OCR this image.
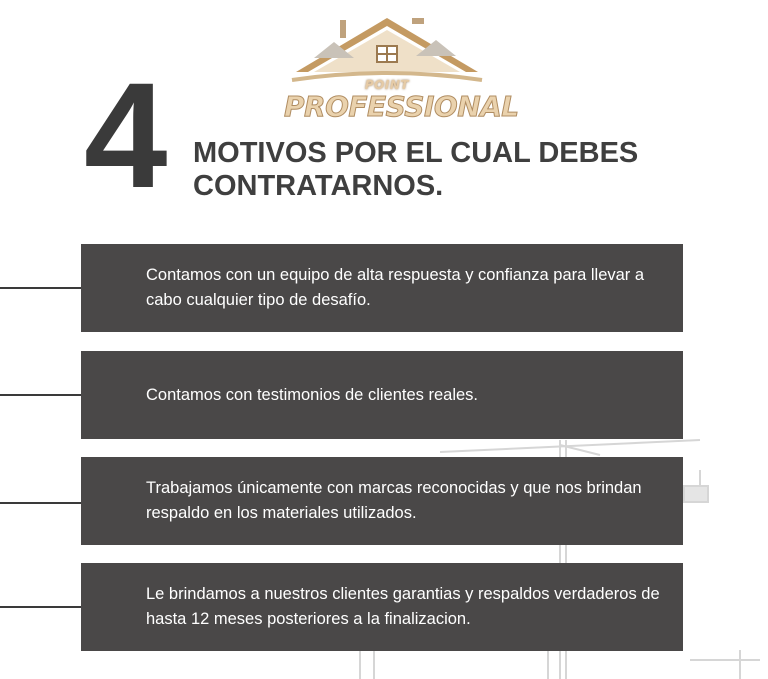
POINT
PROFESSIONAL
4 MOTIVOS POR EL CUAL DEBES CONTRATARNOS.
Contamos con un equipo de alta respuesta y confianza para llevar a cabo cualquier tipo de desafío.
Contamos con testimonios de clientes reales.
Trabajamos únicamente con marcas reconocidas y que nos brindan respaldo en los materiales utilizados.
Le brindamos a nuestros clientes garantias y respaldos verdaderos de hasta 12 meses posteriores a la finalizacion.
